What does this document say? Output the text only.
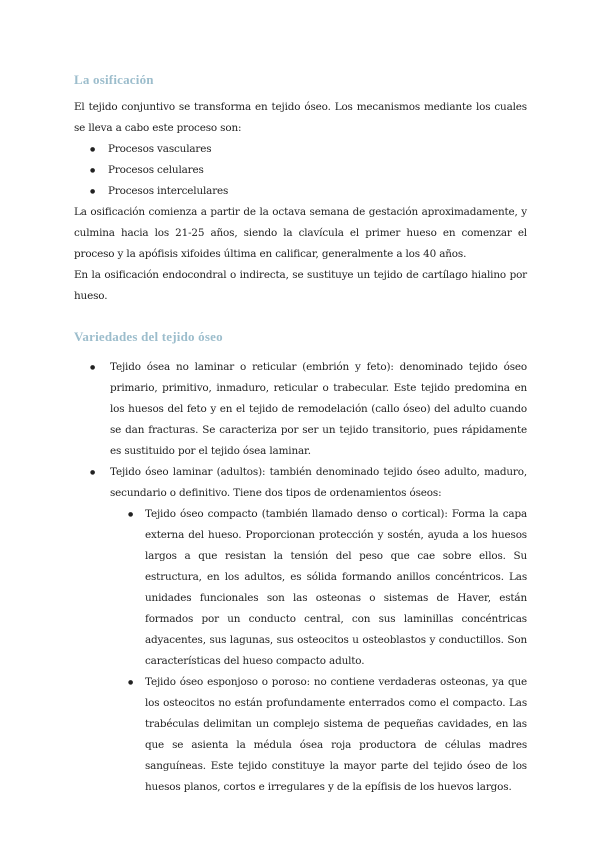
La osificación

El tejido conjuntivo se transforma en tejido óseo. Los mecanismos mediante los cuales se lleva a cabo este proceso son:

● Procesos vasculares
● Procesos celulares
● Procesos intercelulares

La osificación comienza a partir de la octava semana de gestación aproximadamente, y culmina hacia los 21-25 años, siendo la clavícula el primer hueso en comenzar el proceso y la apófisis xifoides última en calificar, generalmente a los 40 años.

En la osificación endocondral o indirecta, se sustituye un tejido de cartílago hialino por hueso.

Variedades del tejido óseo
● Tejido ósea no laminar o reticular (embrión y feto): denominado tejido óseo primario, primitivo, inmaduro, reticular o trabecular. Este tejido predomina en los huesos del feto y en el tejido de remodelación (callo óseo) del adulto cuando se dan fracturas. Se caracteriza por ser un tejido transitorio, pues rápidamente es sustituido por el tejido ósea laminar.
● Tejido óseo laminar (adultos): también denominado tejido óseo adulto, maduro, secundario o definitivo. Tiene dos tipos de ordenamientos óseos:
● Tejido óseo compacto (también llamado denso o cortical): Forma la capa externa del hueso. Proporcionan protección y sostén, ayuda a los huesos largos a que resistan la tensión del peso que cae sobre ellos. Su estructura, en los adultos, es sólida formando anillos concéntricos. Las unidades funcionales son las osteonas o sistemas de Haver, están formados por un conducto central, con sus laminillas concéntricas adyacentes, sus lagunas, sus osteocitos u osteoblastos y conductillos. Son características del hueso compacto adulto.
● Tejido óseo esponjoso o poroso: no contiene verdaderas osteonas, ya que los osteocitos no están profundamente enterrados como el compacto. Las trabéculas delimitan un complejo sistema de pequeñas cavidades, en las que se asienta la médula ósea roja productora de células madres sanguíneas. Este tejido constituye la mayor parte del tejido óseo de los huesos planos, cortos e irregulares y de la epífisis de los huevos largos.
